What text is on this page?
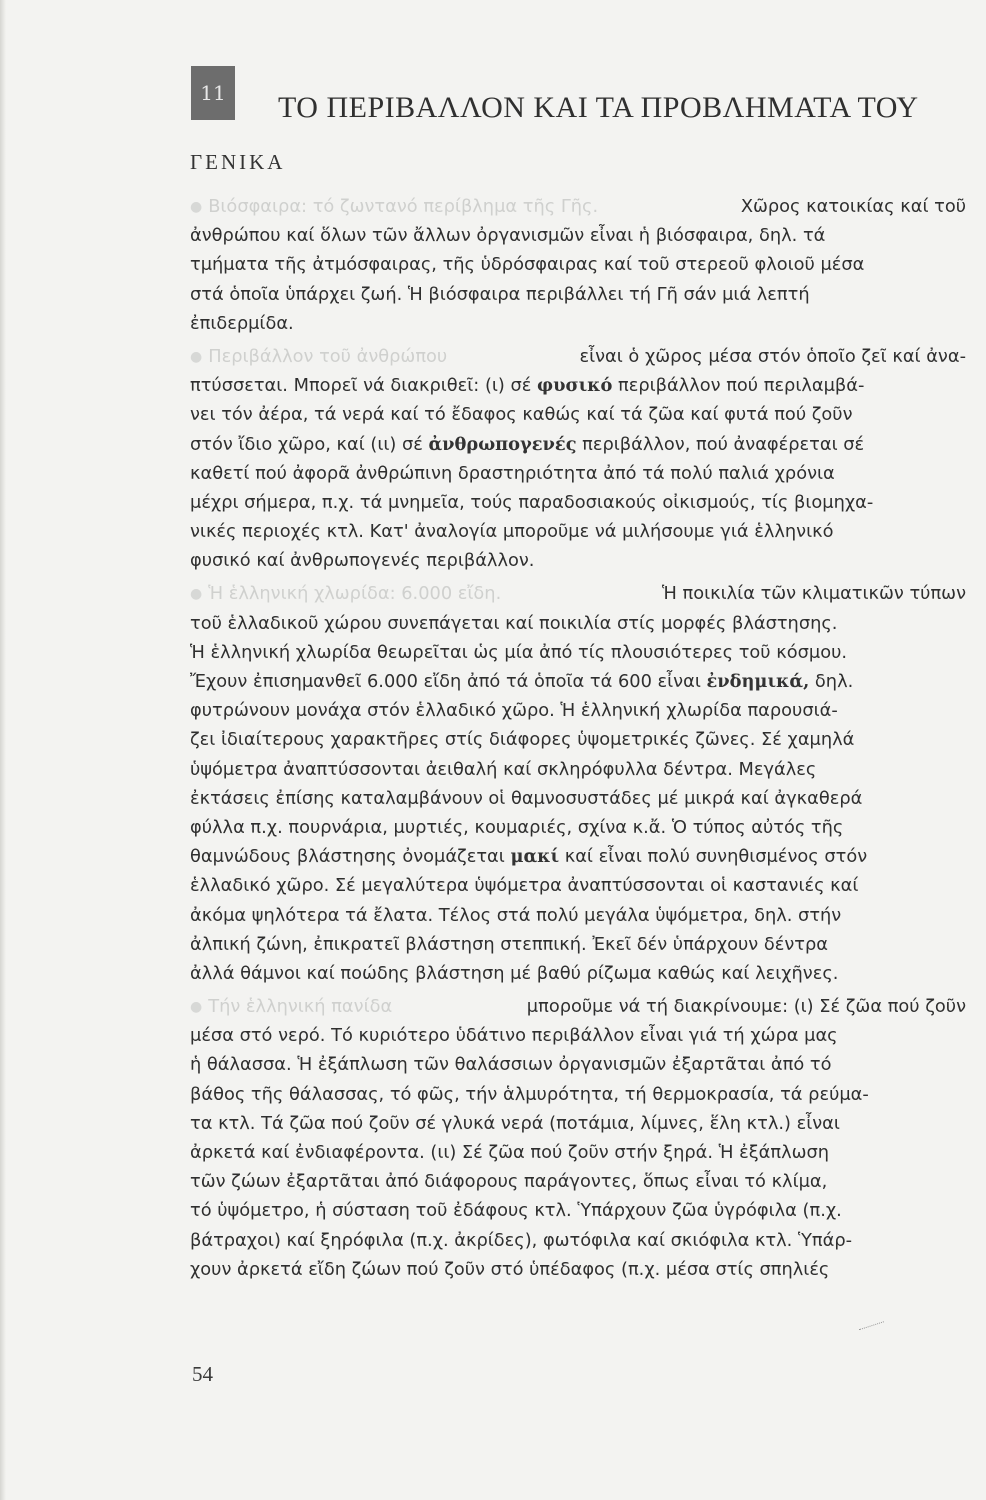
11 ΤΟ ΠΕΡΙΒΑΛΛΟΝ ΚΑΙ ΤΑ ΠΡΟΒΛΗΜΑΤΑ ΤΟΥ
ΓΕΝΙΚΑ
● Βιόσφαιρα: τό ζωντανό περίβλημα τῆς Γῆς.	Χῶρος κατοικίας καί τοῦ
ἀνθρώπου καί ὅλων τῶν ἄλλων ὀργανισμῶν εἶναι ἡ βιόσφαιρα, δηλ. τά
τμήματα τῆς ἀτμόσφαιρας, τῆς ὑδρόσφαιρας καί τοῦ στερεοῦ φλοιοῦ μέσα
στά ὁποῖα ὑπάρχει ζωή. Ἡ βιόσφαιρα περιβάλλει τή Γῆ σάν μιά λεπτή
ἐπιδερμίδα.
● Περιβάλλον τοῦ ἀνθρώπου	εἶναι ὁ χῶρος μέσα στόν ὁποῖο ζεῖ καί ἀνα-
πτύσσεται. Μπορεῖ νά διακριθεῖ: (ι) σέ φυσικό περιβάλλον πού περιλαμβά-
νει τόν ἀέρα, τά νερά καί τό ἔδαφος καθώς καί τά ζῶα καί φυτά πού ζοῦν
στόν ἴδιο χῶρο, καί (ιι) σέ ἀνθρωπογενές περιβάλλον, πού ἀναφέρεται σέ
καθετί πού ἀφορᾶ ἀνθρώπινη δραστηριότητα ἀπό τά πολύ παλιά χρόνια
μέχρι σήμερα, π.χ. τά μνημεῖα, τούς παραδοσιακούς οἰκισμούς, τίς βιομηχα-
νικές περιοχές κτλ. Κατ' ἀναλογία μποροῦμε νά μιλήσουμε γιά ἑλληνικό
φυσικό καί ἀνθρωπογενές περιβάλλον.
● Ἡ ἑλληνική χλωρίδα: 6.000 εἴδη.	Ἡ ποικιλία τῶν κλιματικῶν τύπων
τοῦ ἑλλαδικοῦ χώρου συνεπάγεται καί ποικιλία στίς μορφές βλάστησης.
Ἡ ἑλληνική χλωρίδα θεωρεῖται ὡς μία ἀπό τίς πλουσιότερες τοῦ κόσμου.
Ἔχουν ἐπισημανθεῖ 6.000 εἴδη ἀπό τά ὁποῖα τά 600 εἶναι ἐνδημικά, δηλ.
φυτρώνουν μονάχα στόν ἑλλαδικό χῶρο. Ἡ ἑλληνική χλωρίδα παρουσιά-
ζει ἰδιαίτερους χαρακτῆρες στίς διάφορες ὑψομετρικές ζῶνες. Σέ χαμηλά
ὑψόμετρα ἀναπτύσσονται ἀειθαλή καί σκληρόφυλλα δέντρα. Μεγάλες
ἐκτάσεις ἐπίσης καταλαμβάνουν οἱ θαμνοσυστάδες μέ μικρά καί ἀγκαθερά
φύλλα π.χ. πουρνάρια, μυρτιές, κουμαριές, σχίνα κ.ἄ. Ὁ τύπος αὐτός τῆς
θαμνώδους βλάστησης ὀνομάζεται μακί καί εἶναι πολύ συνηθισμένος στόν
ἑλλαδικό χῶρο. Σέ μεγαλύτερα ὑψόμετρα ἀναπτύσσονται οἱ καστανιές καί
ἀκόμα ψηλότερα τά ἔλατα. Τέλος στά πολύ μεγάλα ὑψόμετρα, δηλ. στήν
ἀλπική ζώνη, ἐπικρατεῖ βλάστηση στεππική. Ἐκεῖ δέν ὑπάρχουν δέντρα
ἀλλά θάμνοι καί ποώδης βλάστηση μέ βαθύ ρίζωμα καθώς καί λειχῆνες.
● Τήν ἑλληνική πανίδα	μποροῦμε νά τή διακρίνουμε: (ι) Σέ ζῶα πού ζοῦν
μέσα στό νερό. Τό κυριότερο ὑδάτινο περιβάλλον εἶναι γιά τή χώρα μας
ἡ θάλασσα. Ἡ ἐξάπλωση τῶν θαλάσσιων ὀργανισμῶν ἐξαρτᾶται ἀπό τό
βάθος τῆς θάλασσας, τό φῶς, τήν ἁλμυρότητα, τή θερμοκρασία, τά ρεύμα-
τα κτλ. Τά ζῶα πού ζοῦν σέ γλυκά νερά (ποτάμια, λίμνες, ἕλη κτλ.) εἶναι
ἀρκετά καί ἐνδιαφέροντα. (ιι) Σέ ζῶα πού ζοῦν στήν ξηρά. Ἡ ἐξάπλωση
τῶν ζώων ἐξαρτᾶται ἀπό διάφορους παράγοντες, ὅπως εἶναι τό κλίμα,
τό ὑψόμετρο, ἡ σύσταση τοῦ ἐδάφους κτλ. Ὑπάρχουν ζῶα ὑγρόφιλα (π.χ.
βάτραχοι) καί ξηρόφιλα (π.χ. ἀκρίδες), φωτόφιλα καί σκιόφιλα κτλ. Ὑπάρ-
χουν ἀρκετά εἴδη ζώων πού ζοῦν στό ὑπέδαφος (π.χ. μέσα στίς σπηλιές
54
